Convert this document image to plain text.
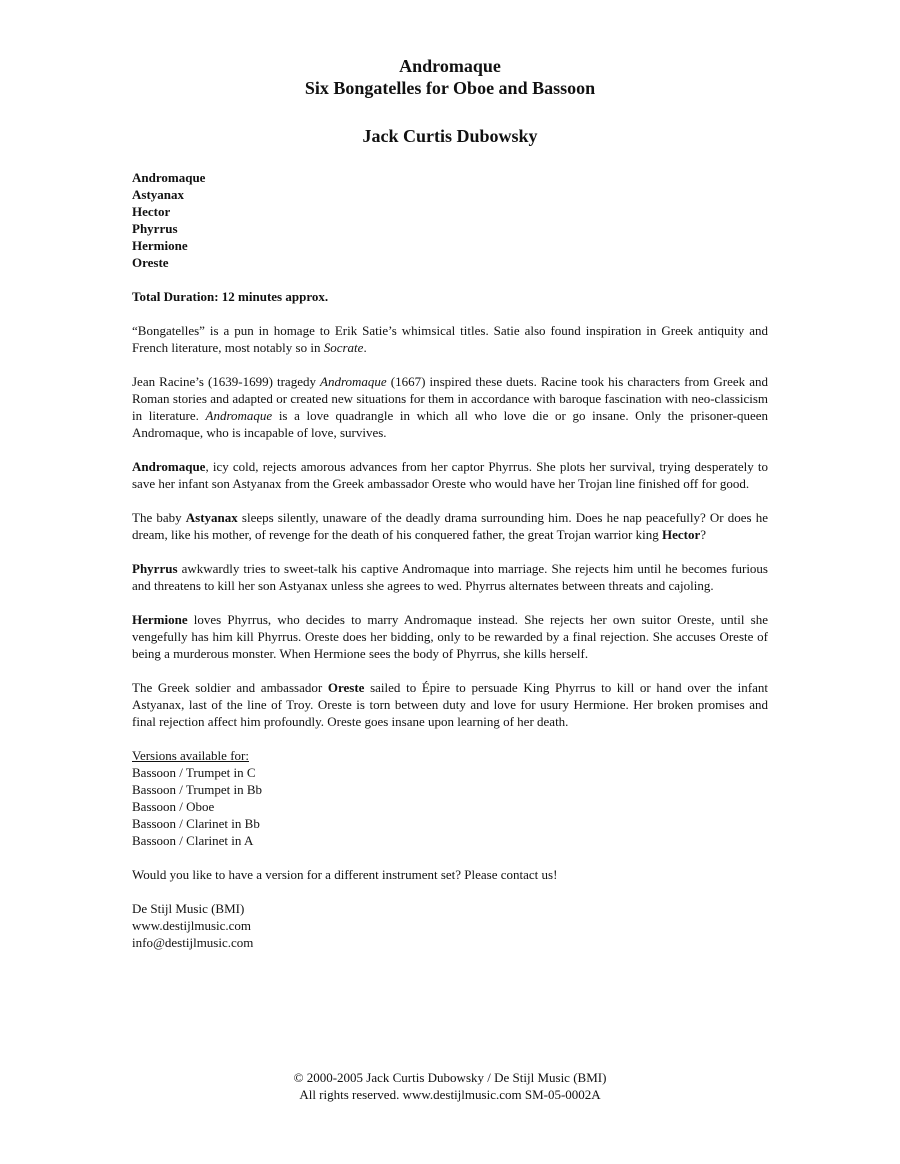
Andromaque
Six Bongatelles for Oboe and Bassoon
Jack Curtis Dubowsky
Andromaque
Astyanax
Hector
Phyrrus
Hermione
Oreste
Total Duration: 12 minutes approx.

“Bongatelles” is a pun in homage to Erik Satie’s whimsical titles. Satie also found inspiration in Greek antiquity and French literature, most notably so in Socrate.

Jean Racine’s (1639-1699) tragedy Andromaque (1667) inspired these duets. Racine took his characters from Greek and Roman stories and adapted or created new situations for them in accordance with baroque fascination with neo-classicism in literature. Andromaque is a love quadrangle in which all who love die or go insane. Only the prisoner-queen Andromaque, who is incapable of love, survives.

Andromaque, icy cold, rejects amorous advances from her captor Phyrrus. She plots her survival, trying desperately to save her infant son Astyanax from the Greek ambassador Oreste who would have her Trojan line finished off for good.

The baby Astyanax sleeps silently, unaware of the deadly drama surrounding him. Does he nap peacefully? Or does he dream, like his mother, of revenge for the death of his conquered father, the great Trojan warrior king Hector?

Phyrrus awkwardly tries to sweet-talk his captive Andromaque into marriage. She rejects him until he becomes furious and threatens to kill her son Astyanax unless she agrees to wed. Phyrrus alternates between threats and cajoling.

Hermione loves Phyrrus, who decides to marry Andromaque instead. She rejects her own suitor Oreste, until she vengefully has him kill Phyrrus. Oreste does her bidding, only to be rewarded by a final rejection. She accuses Oreste of being a murderous monster. When Hermione sees the body of Phyrrus, she kills herself.

The Greek soldier and ambassador Oreste sailed to Épire to persuade King Phyrrus to kill or hand over the infant Astyanax, last of the line of Troy. Oreste is torn between duty and love for usury Hermione. Her broken promises and final rejection affect him profoundly. Oreste goes insane upon learning of her death.

Versions available for:
Bassoon / Trumpet in C
Bassoon / Trumpet in Bb
Bassoon / Oboe
Bassoon / Clarinet in Bb
Bassoon / Clarinet in A

Would you like to have a version for a different instrument set? Please contact us!

De Stijl Music (BMI)
www.destijlmusic.com
info@destijlmusic.com
© 2000-2005 Jack Curtis Dubowsky / De Stijl Music (BMI)
All rights reserved. www.destijlmusic.com SM-05-0002A
